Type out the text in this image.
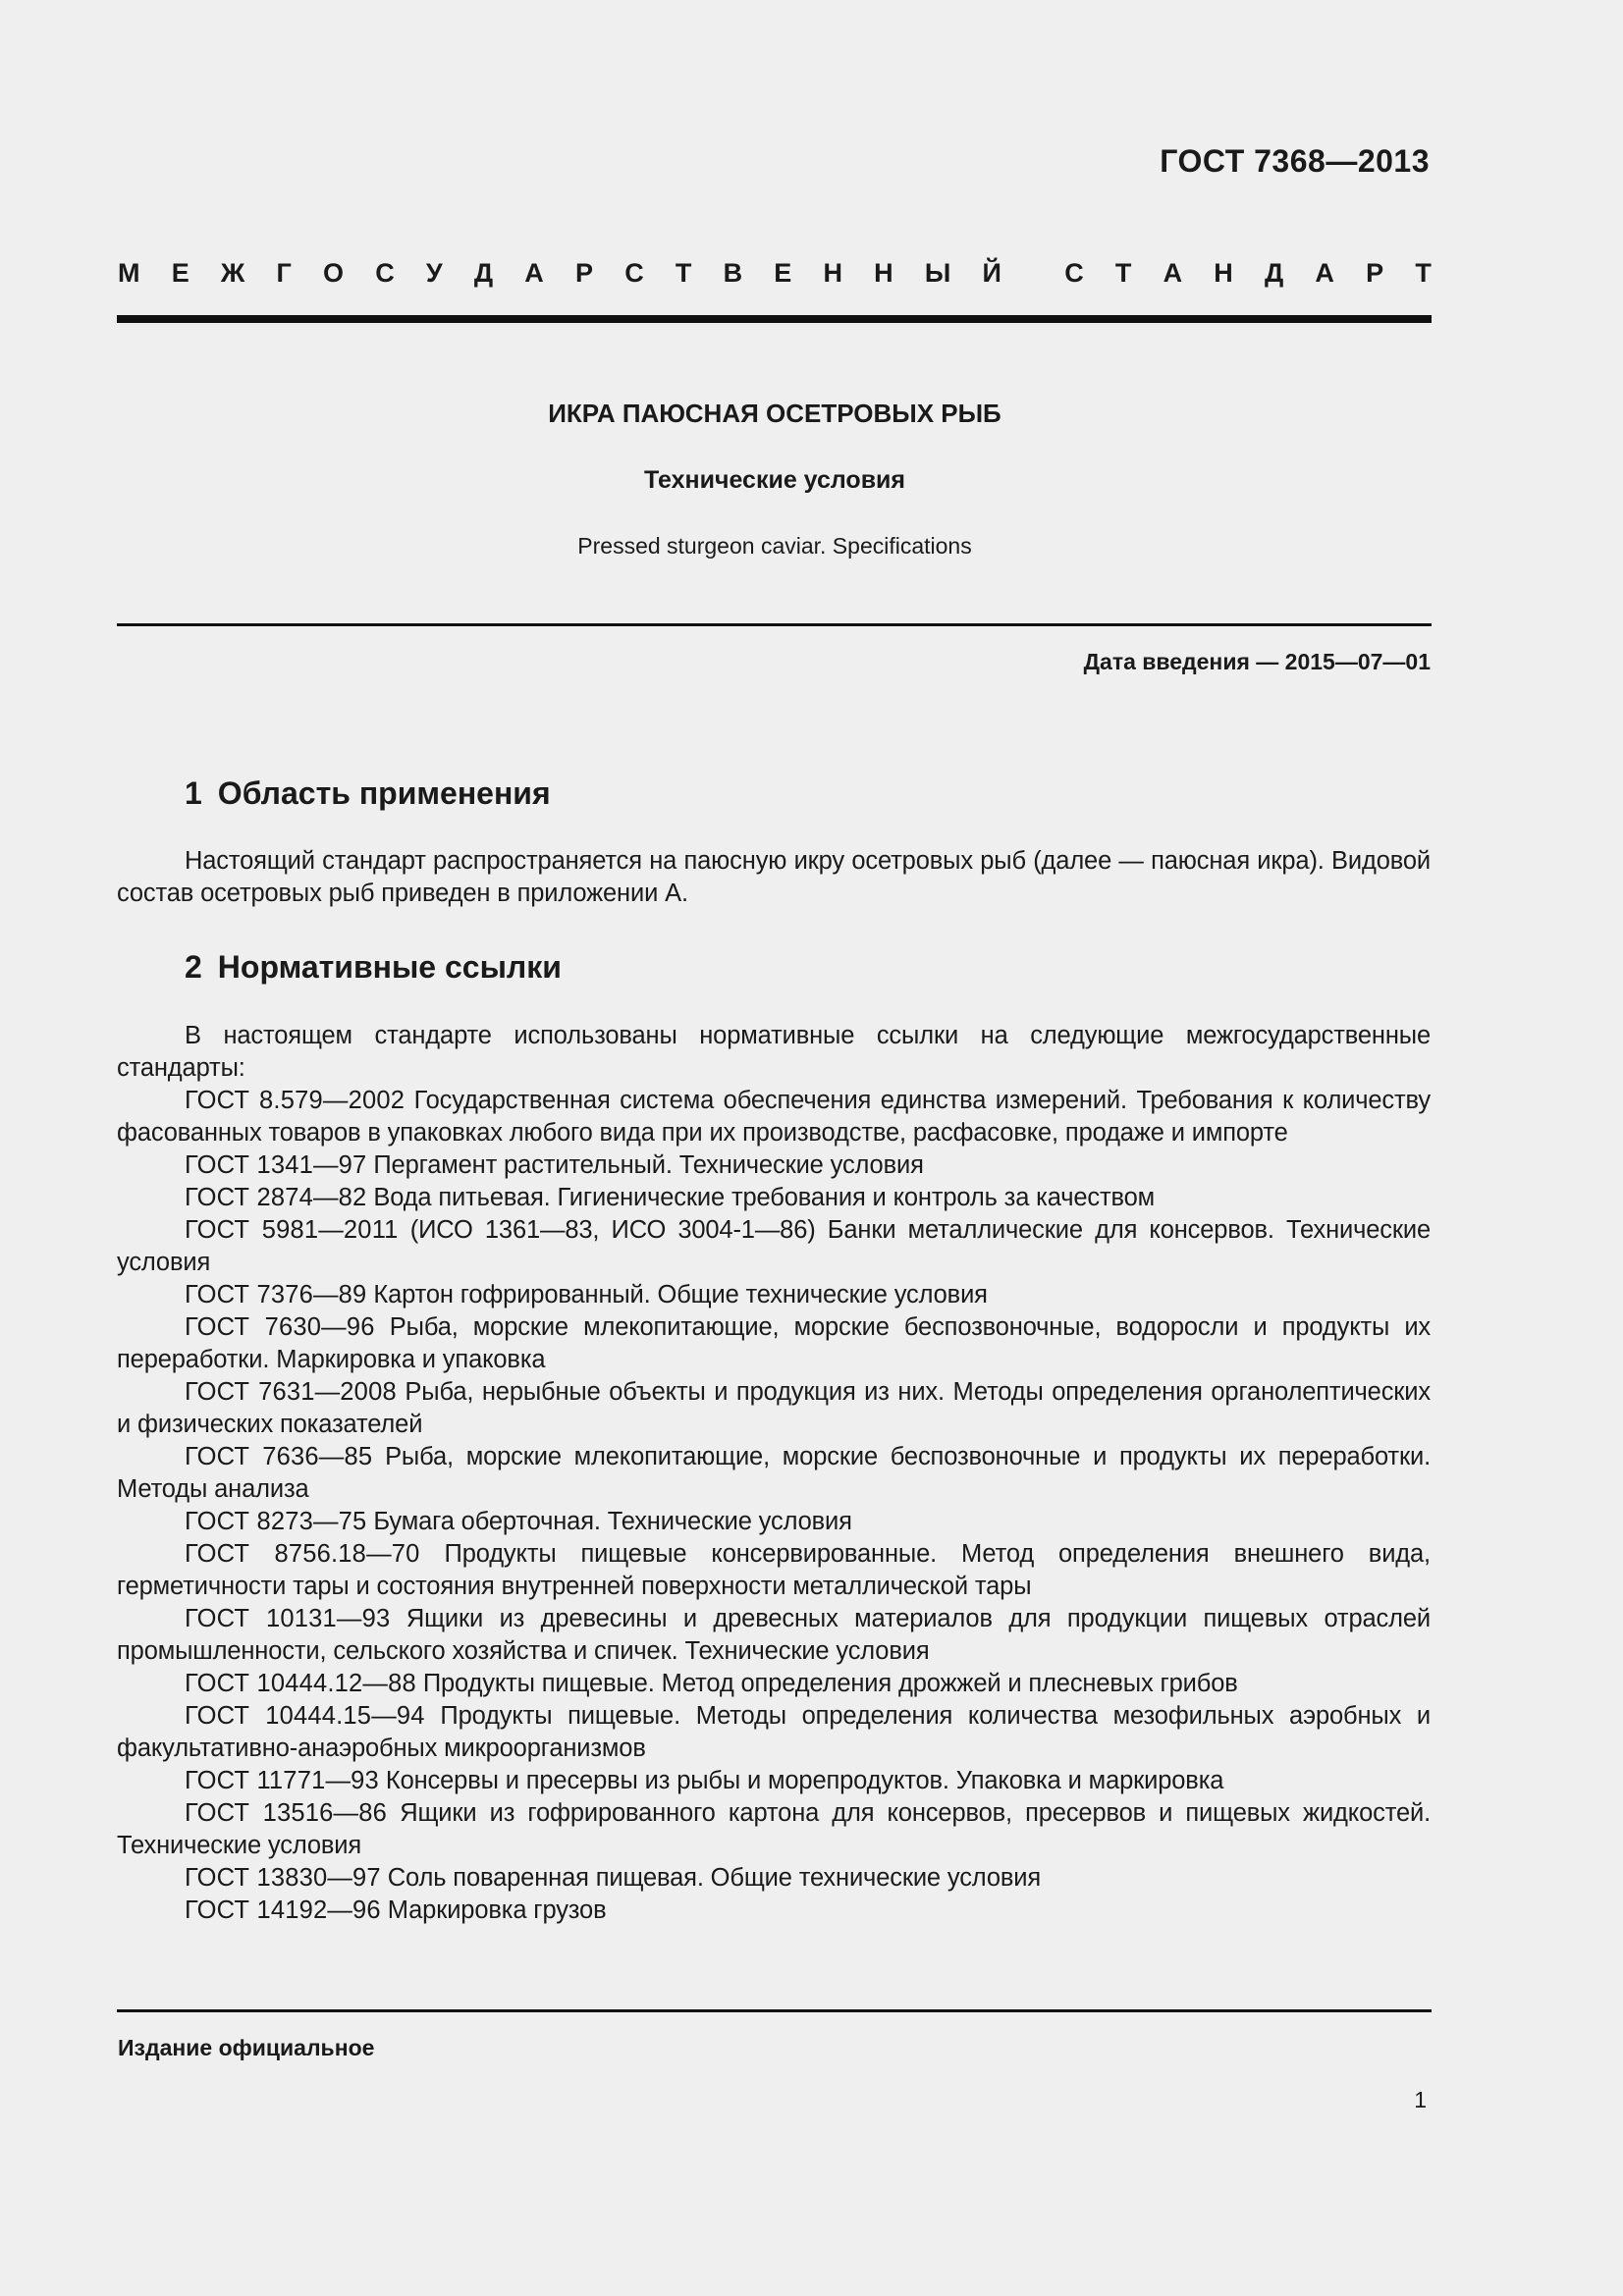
ГОСТ 7368—2013
М Е Ж Г О С У Д А Р С Т В Е Н Н Ы Й С Т А Н Д А Р Т
ИКРА ПАЮСНАЯ ОСЕТРОВЫХ РЫБ
Технические условия
Pressed sturgeon caviar. Specifications
Дата введения — 2015—07—01
1 Область применения

Настоящий стандарт распространяется на паюсную икру осетровых рыб (далее — паюсная икра). Видовой состав осетровых рыб приведен в приложении А.

2 Нормативные ссылки

В настоящем стандарте использованы нормативные ссылки на следующие межгосударственные стандарты:

ГОСТ 8.579—2002 Государственная система обеспечения единства измерений. Требования к количеству фасованных товаров в упаковках любого вида при их производстве, расфасовке, продаже и импорте

ГОСТ 1341—97 Пергамент растительный. Технические условия

ГОСТ 2874—82 Вода питьевая. Гигиенические требования и контроль за качеством

ГОСТ 5981—2011 (ИСО 1361—83, ИСО 3004-1—86) Банки металлические для консервов. Технические условия

ГОСТ 7376—89 Картон гофрированный. Общие технические условия

ГОСТ 7630—96 Рыба, морские млекопитающие, морские беспозвоночные, водоросли и продукты их переработки. Маркировка и упаковка

ГОСТ 7631—2008 Рыба, нерыбные объекты и продукция из них. Методы определения органолептических и физических показателей

ГОСТ 7636—85 Рыба, морские млекопитающие, морские беспозвоночные и продукты их переработки. Методы анализа

ГОСТ 8273—75 Бумага оберточная. Технические условия

ГОСТ 8756.18—70 Продукты пищевые консервированные. Метод определения внешнего вида, герметичности тары и состояния внутренней поверхности металлической тары

ГОСТ 10131—93 Ящики из древесины и древесных материалов для продукции пищевых отраслей промышленности, сельского хозяйства и спичек. Технические условия

ГОСТ 10444.12—88 Продукты пищевые. Метод определения дрожжей и плесневых грибов

ГОСТ 10444.15—94 Продукты пищевые. Методы определения количества мезофильных аэробных и факультативно-анаэробных микроорганизмов

ГОСТ 11771—93 Консервы и пресервы из рыбы и морепродуктов. Упаковка и маркировка

ГОСТ 13516—86 Ящики из гофрированного картона для консервов, пресервов и пищевых жидкостей. Технические условия

ГОСТ 13830—97 Соль поваренная пищевая. Общие технические условия

ГОСТ 14192—96 Маркировка грузов

Издание официальное
1
